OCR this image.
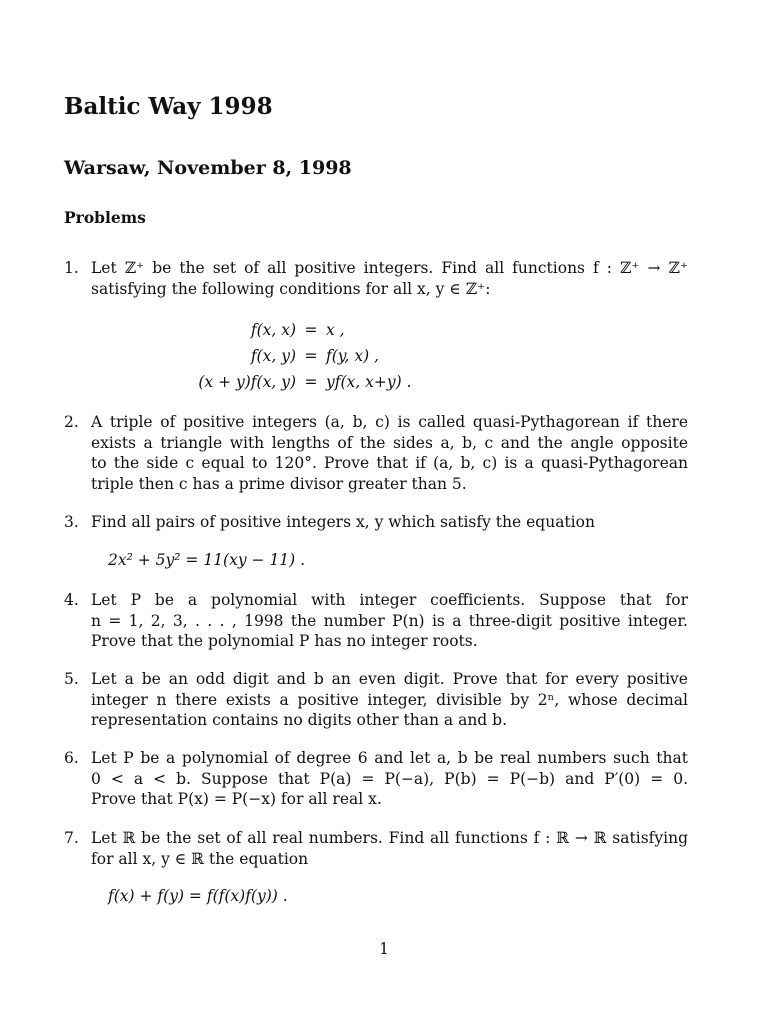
Baltic Way 1998
Warsaw, November 8, 1998
Problems
1. Let ℤ⁺ be the set of all positive integers. Find all functions f : ℤ⁺ → ℤ⁺
satisfying the following conditions for all x, y ∈ ℤ⁺:
f(x, x) = x ,
f(x, y) = f(y, x) ,
(x + y)f(x, y) = yf(x, x+y) .
2. A triple of positive integers (a, b, c) is called quasi-Pythagorean if there
exists a triangle with lengths of the sides a, b, c and the angle opposite
to the side c equal to 120°. Prove that if (a, b, c) is a quasi-Pythagorean
triple then c has a prime divisor greater than 5.
3. Find all pairs of positive integers x, y which satisfy the equation
2x² + 5y² = 11(xy − 11) .
4. Let P be a polynomial with integer coefficients. Suppose that for
n = 1, 2, 3, . . . , 1998 the number P(n) is a three-digit positive integer.
Prove that the polynomial P has no integer roots.
5. Let a be an odd digit and b an even digit. Prove that for every positive
integer n there exists a positive integer, divisible by 2ⁿ, whose decimal
representation contains no digits other than a and b.
6. Let P be a polynomial of degree 6 and let a, b be real numbers such that
0 < a < b. Suppose that P(a) = P(−a), P(b) = P(−b) and P′(0) = 0.
Prove that P(x) = P(−x) for all real x.
7. Let ℝ be the set of all real numbers. Find all functions f : ℝ → ℝ satisfying
for all x, y ∈ ℝ the equation
f(x) + f(y) = f(f(x)f(y)) .
1
